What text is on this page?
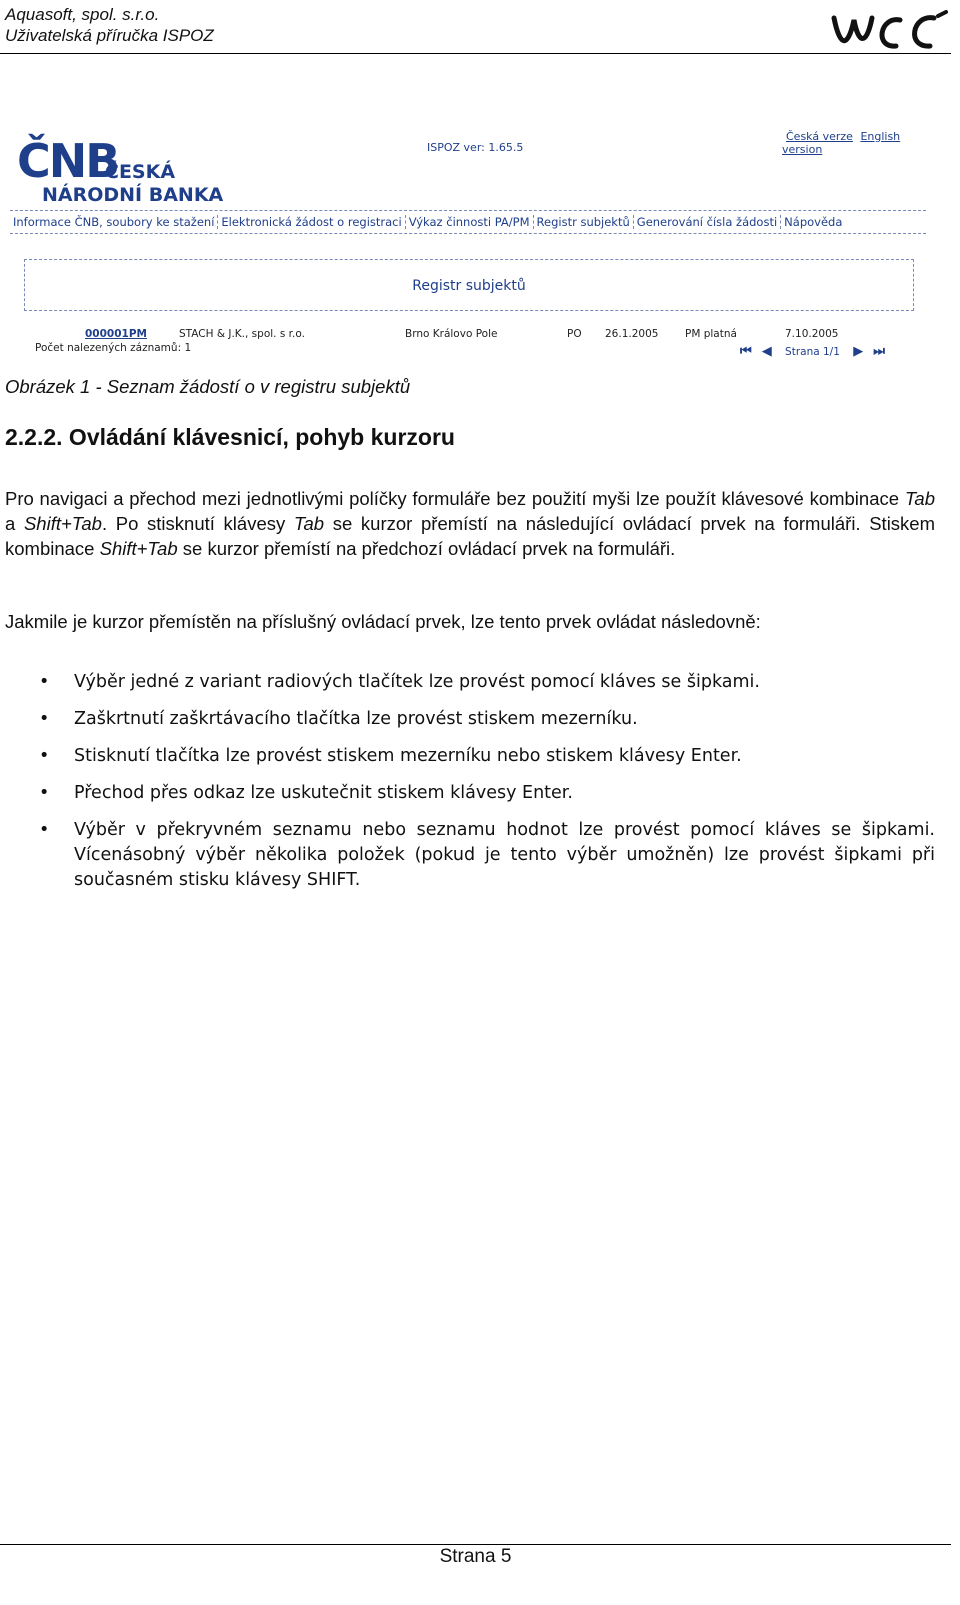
Aquasoft, spol. s.r.o.
Uživatelská příručka ISPOZ
ČNB
ČESKÁ
NÁRODNÍ BANKA
ISPOZ ver: 1.65.5
Česká verze English version
Informace ČNB, soubory ke stažení Elektronická žádost o registraci Výkaz činnosti PA/PM Registr subjektů Generování čísla žádosti Nápověda
Registr subjektů
000001PM	STACH & J.K., spol. s r.o.	Brno Královo Pole	PO 26.1.2005	PM platná	7.10.2005
Počet nalezených záznamů: 1	⏮ ◀ Strana 1/1 ▶ ⏭
Obrázek 1 - Seznam žádostí o v registru subjektů
2.2.2. Ovládání klávesnicí, pohyb kurzoru
Pro navigaci a přechod mezi jednotlivými políčky formuláře bez použití myši lze použít klávesové kombinace Tab a Shift+Tab. Po stisknutí klávesy Tab se kurzor přemístí na následující ovládací prvek na formuláři. Stiskem kombinace Shift+Tab se kurzor přemístí na předchozí ovládací prvek na formuláři.
Jakmile je kurzor přemístěn na příslušný ovládací prvek, lze tento prvek ovládat následovně:
• Výběr jedné z variant radiových tlačítek lze provést pomocí kláves se šipkami.
• Zaškrtnutí zaškrtávacího tlačítka lze provést stiskem mezerníku.
• Stisknutí tlačítka lze provést stiskem mezerníku nebo stiskem klávesy Enter.
• Přechod přes odkaz lze uskutečnit stiskem klávesy Enter.
• Výběr v překryvném seznamu nebo seznamu hodnot lze provést pomocí kláves se šipkami. Vícenásobný výběr několika položek (pokud je tento výběr umožněn) lze provést šipkami při současném stisku klávesy SHIFT.
Strana 5
